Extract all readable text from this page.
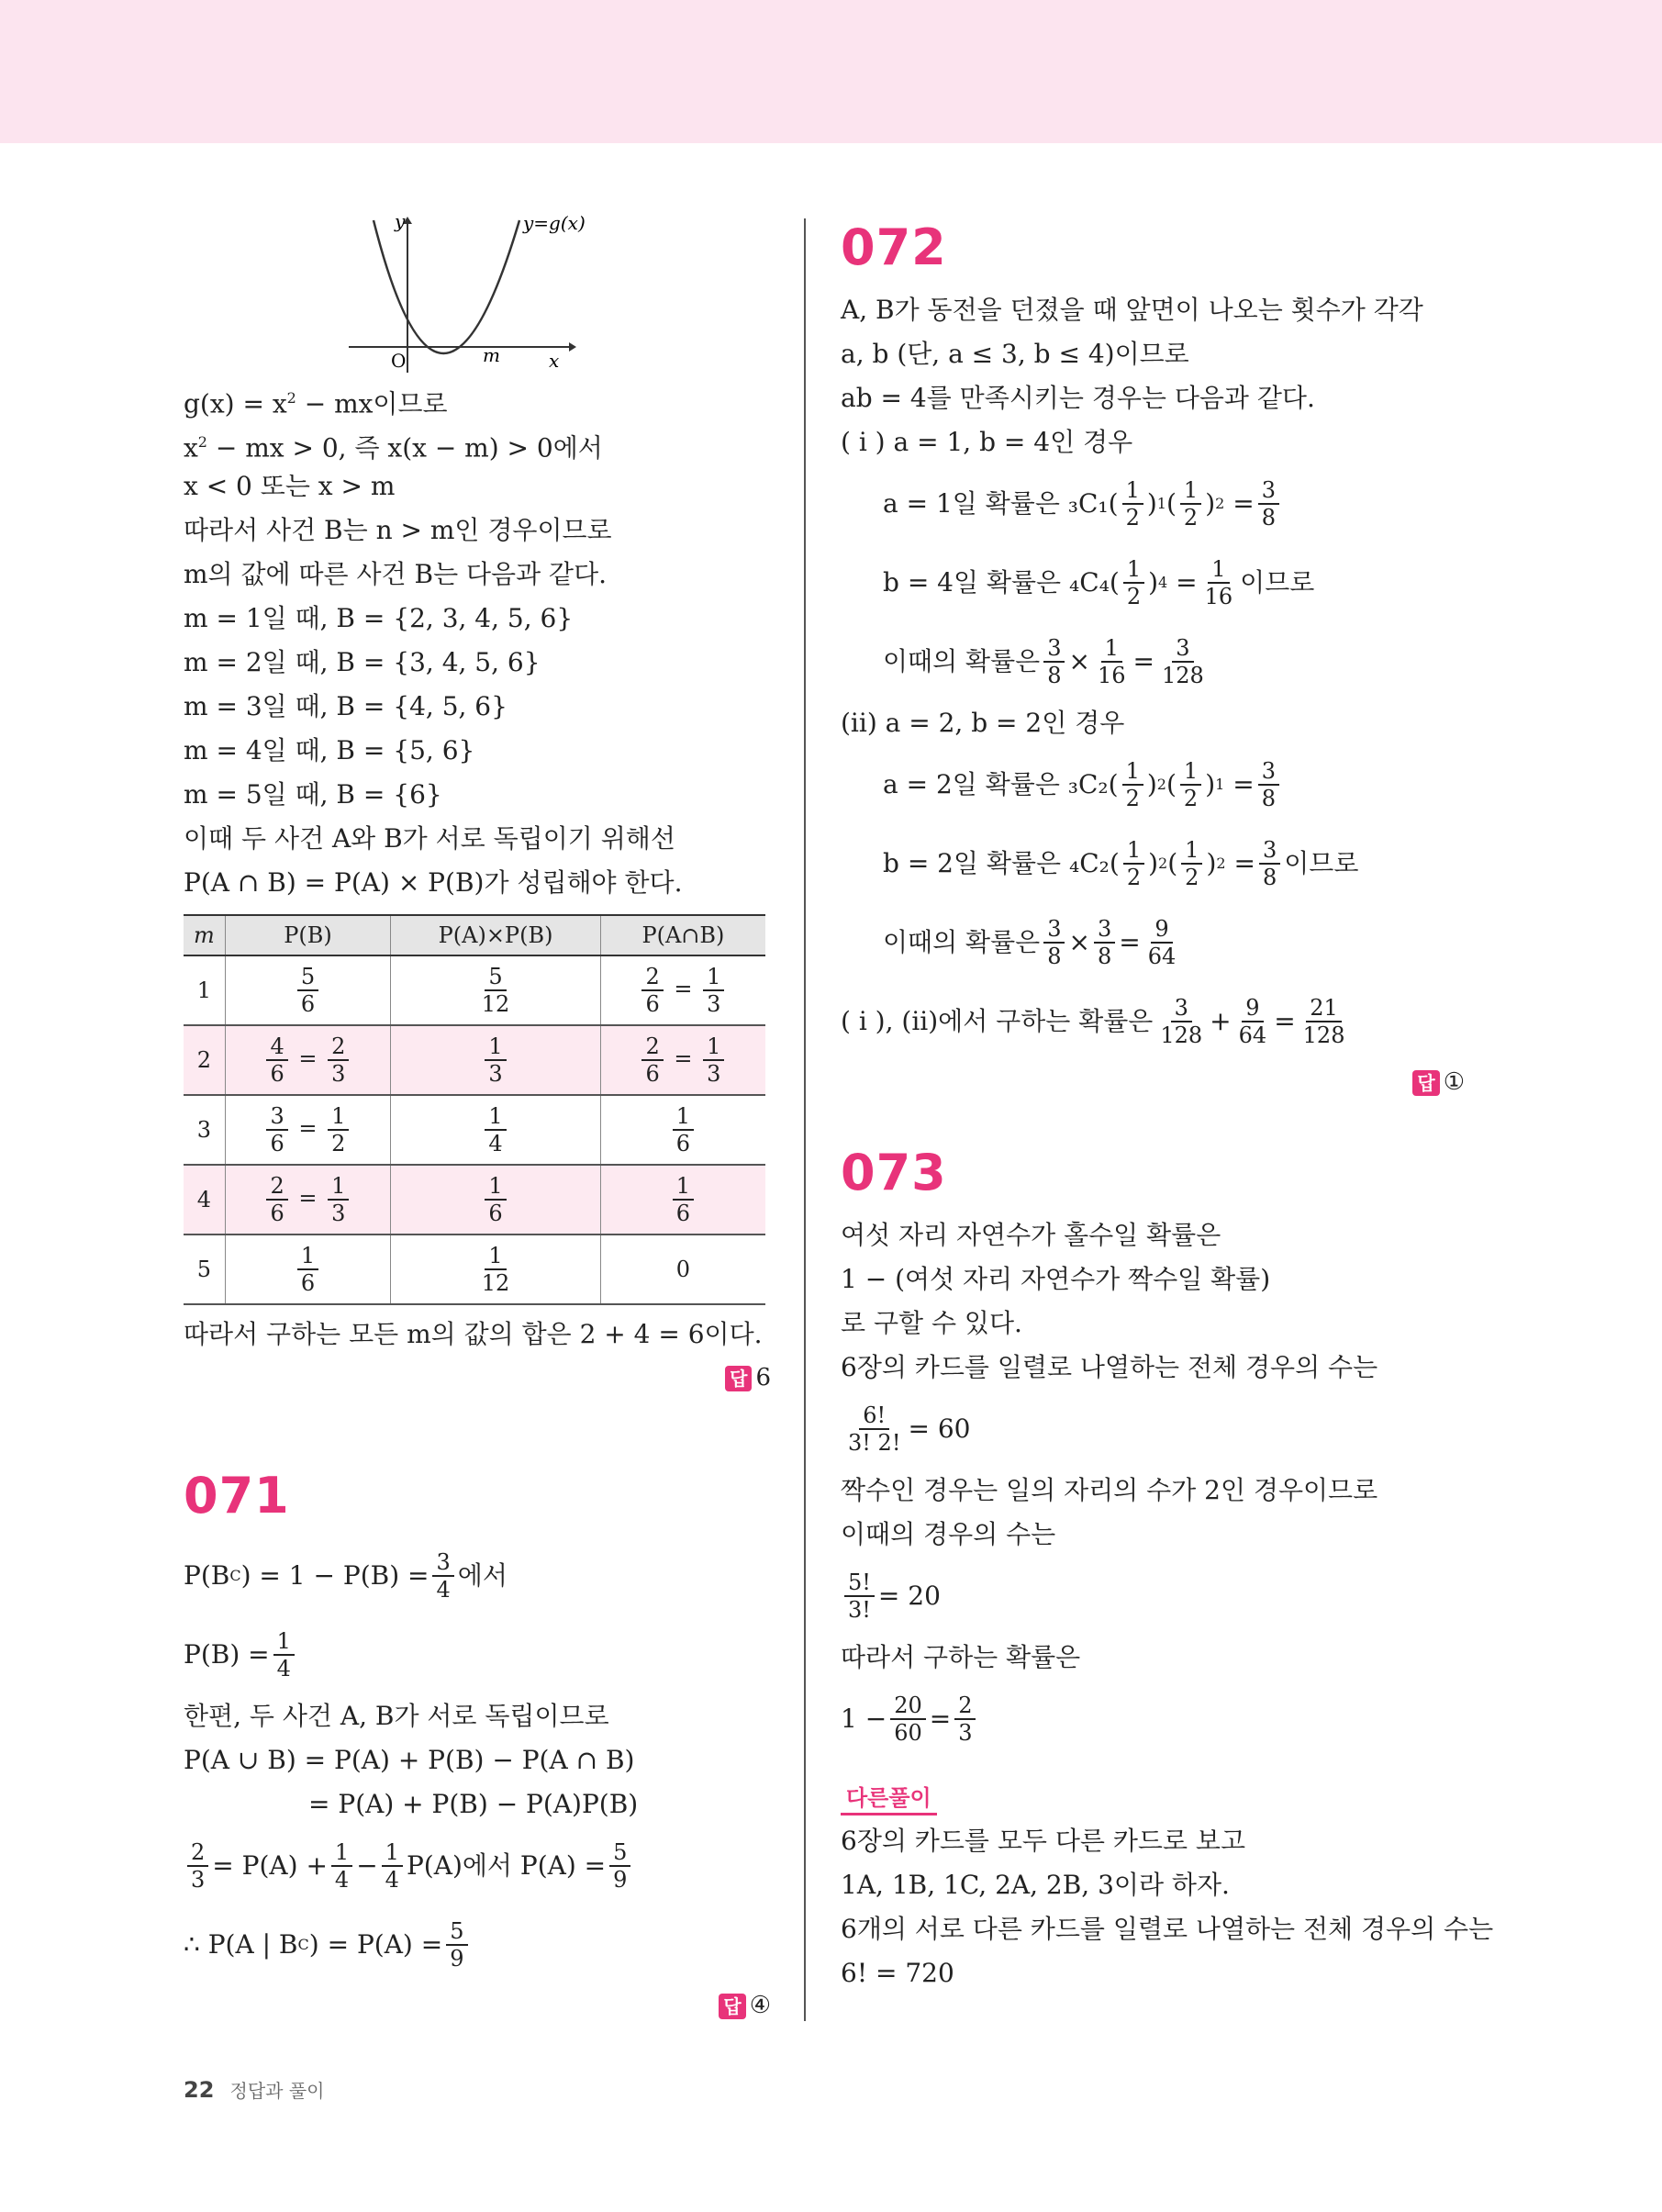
y	y=g(x)
O	m	x
$g(x) = x^2$ − mx이므로
$x^2$ − mx > 0, 즉 x(x − m) > 0에서
x < 0 또는 x > m
따라서 사건 B는 n > m인 경우이므로
m의 값에 따른 사건 B는 다음과 같다.
m = 1일 때, B = {2, 3, 4, 5, 6}
m = 2일 때, B = {3, 4, 5, 6}
m = 3일 때, B = {4, 5, 6}
m = 4일 때, B = {5, 6}
m = 5일 때, B = {6}
이때 두 사건 A와 B가 서로 독립이기 위해선
P(A ∩ B) = P(A) × P(B)가 성립해야 한다.
m	P(B)	P(A)×P(B)	P(A∩B)
1	$\frac{5}{6}$	$\frac{5}{12}$	$\frac{2}{6} = \frac{1}{3}$

2	$\frac{4}{6} = \frac{2}{3}$	$\frac{1}{3}$	$\frac{2}{6} = \frac{1}{3}$

3	$\frac{3}{6} = \frac{1}{2}$	$\frac{1}{4}$	$\frac{1}{6}$

4	$\frac{2}{6} = \frac{1}{3}$	$\frac{1}{6}$	$\frac{1}{6}$

5	$\frac{1}{6}$	$\frac{1}{12}$	0
따라서 구하는 모든 m의 값의 합은 2 + 4 = 6이다.
답 6
071
P(B C ) = $1 - P(B) = \frac{3}{4}$ 에서
$P(B) = \frac{1}{4}$
한편, 두 사건 A, B가 서로 독립이므로
P(A ∪ B) = P(A) + P(B) − P(A ∩ B)
= P(A) + P(B) − P(A)P(B)
$\frac{2}{3} = P(A) + \frac{1}{4} - \frac{1}{4} P(A)$에서 $P(A) = \frac{5}{9}$
∴ P(A | B C ) = $P(A) = \frac{5}{9}$
답 ④
072
A, B가 동전을 던졌을 때 앞면이 나오는 횟수가 각각
a, b (단, a ≤ 3, b ≤ 4)이므로
ab = 4를 만족시키는 경우는 다음과 같다.
( i ) a = 1, b = 4인 경우
a = 1일 확률은 ₃C₁ ( $\frac{1}{2}$ ) 1 ( $\frac{1}{2}$ ) 2
= $\frac{3}{8}$
b = 4일 확률은 ₄C₄ ( $\frac{1}{2}$ ) 4
= $\frac{1}{16}$ 이므로
이때의 확률은 $\frac{3}{8} \times \frac{1}{16} = \frac{3}{128}$
(ii) a = 2, b = 2인 경우
a = 2일 확률은 ₃C₂ ( $\frac{1}{2}$ ) 2 ( $\frac{1}{2}$ ) 1
= $\frac{3}{8}$
b = 2일 확률은 ₄C₂ ( $\frac{1}{2}$ ) 2 ( $\frac{1}{2}$ ) 2
= $\frac{3}{8}$ 이므로
이때의 확률은 $\frac{3}{8} \times \frac{3}{8} = \frac{9}{64}$
( i ), (ii)에서 구하는 확률은 $\frac{3}{128} + \frac{9}{64} = \frac{21}{128}$
답 ①
073
여섯 자리 자연수가 홀수일 확률은
1 − (여섯 자리 자연수가 짝수일 확률)
로 구할 수 있다.
6장의 카드를 일렬로 나열하는 전체 경우의 수는
$\frac{6!}{3! 2!} = 60$
짝수인 경우는 일의 자리의 수가 2인 경우이므로
이때의 경우의 수는
$\frac{5!}{3!} = 20$
따라서 구하는 확률은
$1 - \frac{20}{60} = \frac{2}{3}$
다른풀이
6장의 카드를 모두 다른 카드로 보고
1A, 1B, 1C, 2A, 2B, 3이라 하자.
6개의 서로 다른 카드를 일렬로 나열하는 전체 경우의 수는
6! = 720
22 정답과 풀이
